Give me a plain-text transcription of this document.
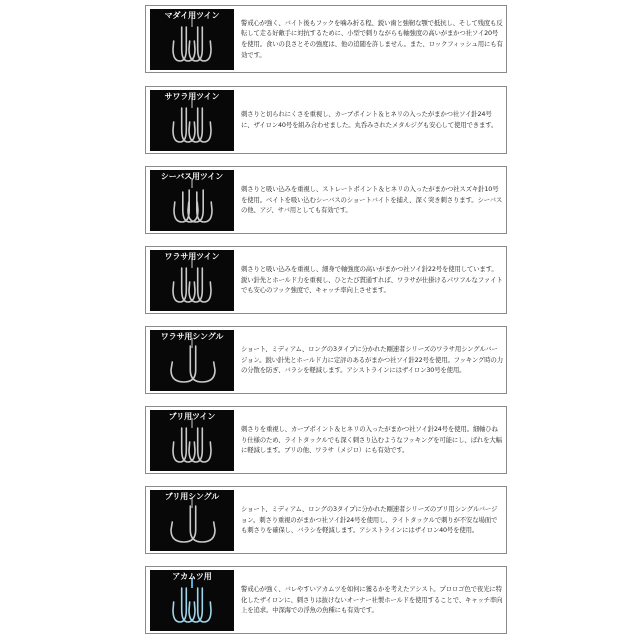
マダイ用ツイン
警戒心が強く、バイト後もフックを噛み折る程、鋭い歯と強靭な顎で抵抗し、そして残度も反転して走る好敵手に対抗するために、小型で刺りながらも軸強度の高いがまかつ社ソイ20号を使用。食いの良さとその強度は、他の追随を許しません。また、ロックフィッシュ用にも有効です。
サワラ用ツイン
刺さりと切られにくさを重視し、カーブポイント＆ヒネリの入ったがまかつ社ソイ針24号に、ザイロン40号を組み合わせました。丸呑みされたメタルジグも安心して使用できます。
シーバス用ツイン
刺さりと吸い込みを重視し、ストレートポイント＆ヒネリの入ったがまかつ社スズキ針10号を使用。ベイトを吸い込むシーバスのショートバイトを捕え、深く突き刺さります。シーバスの他、アジ、サバ用としても有効です。
ワラサ用ツイン
刺さりと吸い込みを重視し、細身で軸強度の高いがまかつ社ソイ針22号を使用しています。鋭い針先とホールド力を重視し、ひとたび貫通すれば、ワラサが仕掛けるパワフルなファイトでも安心のフック強度で、キャッチ率向上させます。
ワラサ用シングル
ショート、ミディアム、ロングの3タイプに分かれた剛速者シリーズのワラサ用シングルバージョン。鋭い針先とホールド力に定評のあるがまかつ社ソイ針22号を使用。フッキング時の力の分散を防ぎ、バラシを軽減します。アシストラインにはザイロン30号を使用。
ブリ用ツイン
刺さりを重視し、カーブポイント＆ヒネリの入ったがまかつ社ソイ針24号を使用。細軸ひねり仕様のため、ライトタックルでも深く刺さり込むようなフッキングを可能にし、ばれを大幅に軽減します。ブリの他、ワラサ（メジロ）にも有効です。
ブリ用シングル
ショート、ミディアム、ロングの3タイプに分かれた剛速者シリーズのブリ用シングルバージョン。刺さり重視のがまかつ社ソイ針24号を使用し、ライトタックルで刺りが不安な場面でも刺さりを確保し、バラシを軽減します。アシストラインにはザイロン40号を使用。
アカムツ用
警戒心が強く、バレやすいアカムツを如何に獲るかを考えたアシスト。プロロゴ色で夜光に特化したザイロンに、刺さりは抜けないオーナー社製ホールドを使用することで、キャッチ率向上を追求。中深海での浮魚の魚種にも有効です。
